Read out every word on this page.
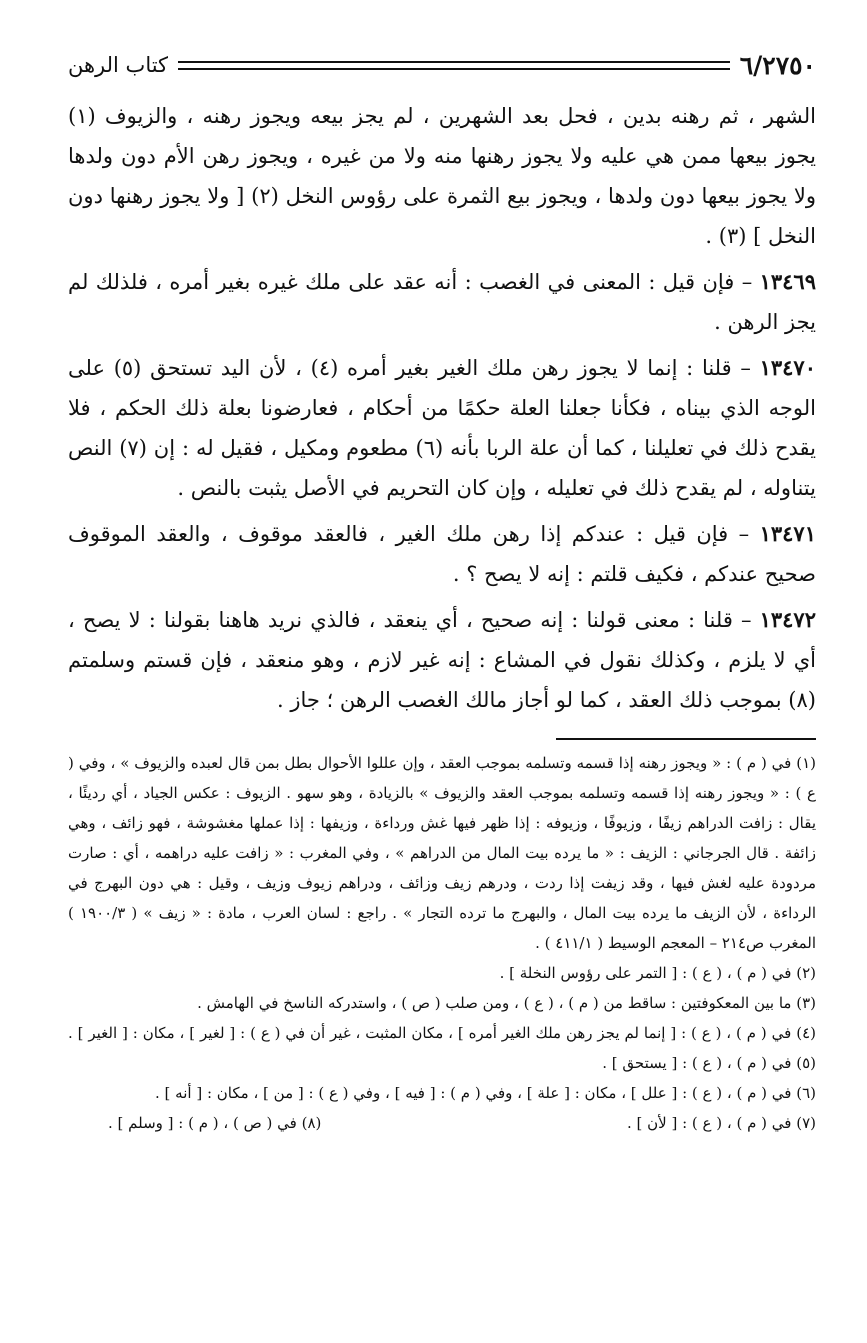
٦/٢٧٥٠
كتاب الرهن

الشهر ، ثم رهنه بدين ، فحل بعد الشهرين ، لم يجز بيعه ويجوز رهنه ، والزيوف (١) يجوز بيعها ممن هي عليه ولا يجوز رهنها منه ولا من غيره ، ويجوز رهن الأم دون ولدها ولا يجوز بيعها دون ولدها ، ويجوز بيع الثمرة على رؤوس النخل (٢) [ ولا يجوز رهنها دون النخل ] (٣) .

١٣٤٦٩ – فإن قيل : المعنى في الغصب : أنه عقد على ملك غيره بغير أمره ، فلذلك لم يجز الرهن .

١٣٤٧٠ – قلنا : إنما لا يجوز رهن ملك الغير بغير أمره (٤) ، لأن اليد تستحق (٥) على الوجه الذي بيناه ، فكأنا جعلنا العلة حكمًا من أحكام ، فعارضونا بعلة ذلك الحكم ، فلا يقدح ذلك في تعليلنا ، كما أن علة الربا بأنه (٦) مطعوم ومكيل ، فقيل له : إن (٧) النص يتناوله ، لم يقدح ذلك في تعليله ، وإن كان التحريم في الأصل يثبت بالنص .

١٣٤٧١ – فإن قيل : عندكم إذا رهن ملك الغير ، فالعقد موقوف ، والعقد الموقوف صحيح عندكم ، فكيف قلتم : إنه لا يصح ؟ .

١٣٤٧٢ – قلنا : معنى قولنا : إنه صحيح ، أي ينعقد ، فالذي نريد هاهنا بقولنا : لا يصح ، أي لا يلزم ، وكذلك نقول في المشاع : إنه غير لازم ، وهو منعقد ، فإن قستم وسلمتم (٨) بموجب ذلك العقد ، كما لو أجاز مالك الغصب الرهن ؛ جاز .

(١) في ( م ) : « ويجوز رهنه إذا قسمه وتسلمه بموجب العقد ، وإن عللوا الأحوال بطل بمن قال لعبده والزيوف » ، وفي ( ع ) : « ويجوز رهنه إذا قسمه وتسلمه بموجب العقد والزيوف » بالزيادة ، وهو سهو . الزيوف : عكس الجياد ، أي رديئًا ، يقال : زافت الدراهم زيفًا ، وزيوفًا ، وزيوفه : إذا ظهر فيها غش ورداءة ، وزيفها : إذا عملها مغشوشة ، فهو زائف ، وهي زائفة . قال الجرجاني : الزيف : « ما يرده بيت المال من الدراهم » ، وفي المغرب : « زافت عليه دراهمه ، أي : صارت مردودة عليه لغش فيها ، وقد زيفت إذا ردت ، ودرهم زيف وزائف ، ودراهم زيوف وزيف ، وقيل : هي دون البهرج في الرداءة ، لأن الزيف ما يرده بيت المال ، والبهرج ما ترده التجار » . راجع : لسان العرب ، مادة : « زيف » ( ١٩٠٠/٣ ) المغرب ص٢١٤ – المعجم الوسيط ( ٤١١/١ ) .

(٢) في ( م ) ، ( ع ) : [ التمر على رؤوس النخلة ] .

(٣) ما بين المعكوفتين : ساقط من ( م ) ، ( ع ) ، ومن صلب ( ص ) ، واستدركه الناسخ في الهامش .

(٤) في ( م ) ، ( ع ) : [ إنما لم يجز رهن ملك الغير أمره ] ، مكان المثبت ، غير أن في ( ع ) : [ لغير ] ، مكان : [ الغير ] . (٥) في ( م ) ، ( ع ) : [ يستحق ] .

(٦) في ( م ) ، ( ع ) : [ علل ] ، مكان : [ علة ] ، وفي ( م ) : [ فيه ] ، وفي ( ع ) : [ من ] ، مكان : [ أنه ] .

(٧) في ( م ) ، ( ع ) : [ لأن ] .
(٨) في ( ص ) ، ( م ) : [ وسلم ] .
